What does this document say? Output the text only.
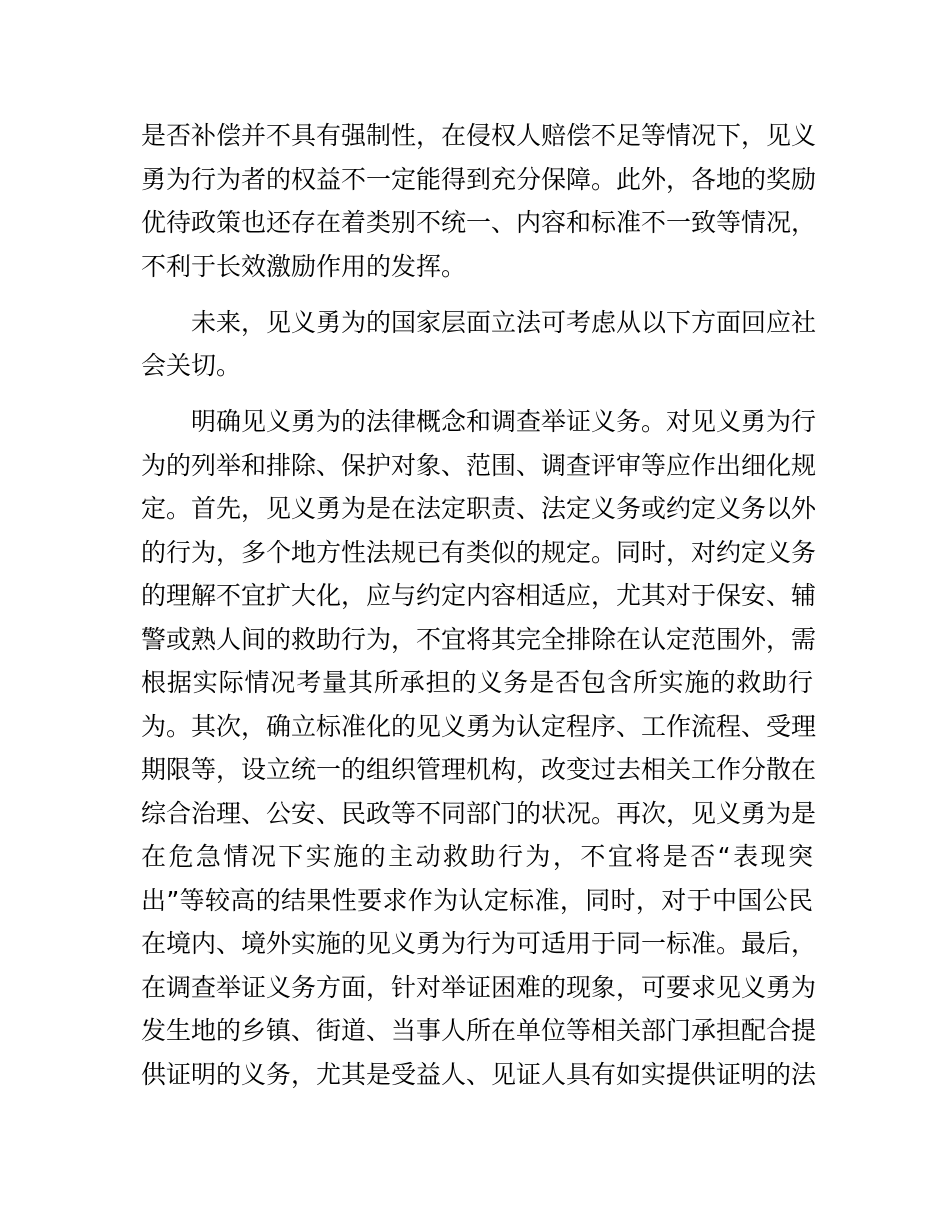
是否补偿并不具有强制性，在侵权人赔偿不足等情况下，见义
勇为行为者的权益不一定能得到充分保障。此外，各地的奖励
优待政策也还存在着类别不统一、内容和标准不一致等情况，
不利于长效激励作用的发挥。
未来，见义勇为的国家层面立法可考虑从以下方面回应社
会关切。
明确见义勇为的法律概念和调查举证义务。对见义勇为行
为的列举和排除、保护对象、范围、调查评审等应作出细化规
定。首先，见义勇为是在法定职责、法定义务或约定义务以外
的行为，多个地方性法规已有类似的规定。同时，对约定义务
的理解不宜扩大化，应与约定内容相适应，尤其对于保安、辅
警或熟人间的救助行为，不宜将其完全排除在认定范围外，需
根据实际情况考量其所承担的义务是否包含所实施的救助行
为。其次，确立标准化的见义勇为认定程序、工作流程、受理
期限等，设立统一的组织管理机构，改变过去相关工作分散在
综合治理、公安、民政等不同部门的状况。再次，见义勇为是
在危急情况下实施的主动救助行为，不宜将是否“表现突
出”等较高的结果性要求作为认定标准，同时，对于中国公民
在境内、境外实施的见义勇为行为可适用于同一标准。最后，
在调查举证义务方面，针对举证困难的现象，可要求见义勇为
发生地的乡镇、街道、当事人所在单位等相关部门承担配合提
供证明的义务，尤其是受益人、见证人具有如实提供证明的法
